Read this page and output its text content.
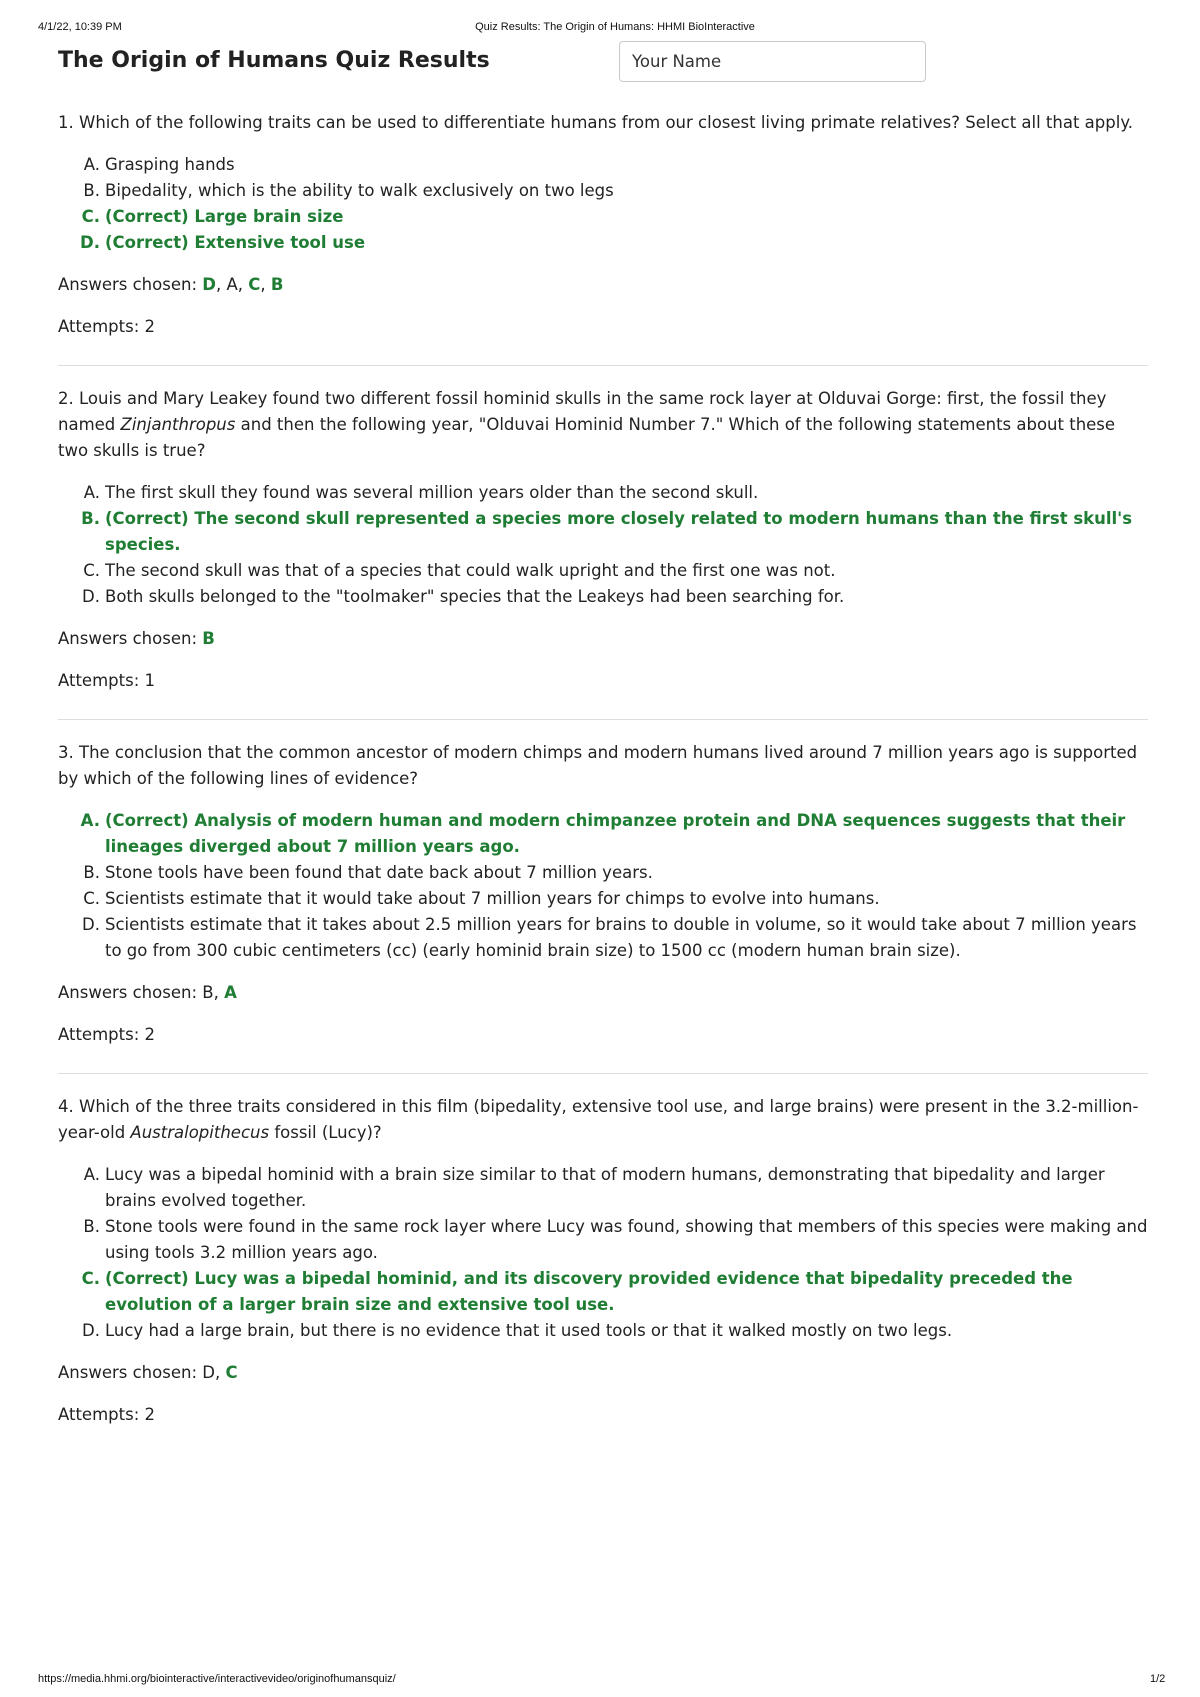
4/1/22, 10:39 PM	Quiz Results: The Origin of Humans: HHMI BioInteractive
The Origin of Humans Quiz Results
Your Name

1. Which of the following traits can be used to differentiate humans from our closest living primate relatives? Select all that apply.

A. Grasping hands
B. Bipedality, which is the ability to walk exclusively on two legs
C. (Correct) Large brain size
D. (Correct) Extensive tool use

Answers chosen: D, A, C, B

Attempts: 2

2. Louis and Mary Leakey found two different fossil hominid skulls in the same rock layer at Olduvai Gorge: first, the fossil they named Zinjanthropus and then the following year, "Olduvai Hominid Number 7." Which of the following statements about these two skulls is true?

A. The first skull they found was several million years older than the second skull.
B. (Correct) The second skull represented a species more closely related to modern humans than the first skull's species.
C. The second skull was that of a species that could walk upright and the first one was not.
D. Both skulls belonged to the "toolmaker" species that the Leakeys had been searching for.

Answers chosen: B

Attempts: 1

3. The conclusion that the common ancestor of modern chimps and modern humans lived around 7 million years ago is supported by which of the following lines of evidence?

A. (Correct) Analysis of modern human and modern chimpanzee protein and DNA sequences suggests that their lineages diverged about 7 million years ago.
B. Stone tools have been found that date back about 7 million years.
C. Scientists estimate that it would take about 7 million years for chimps to evolve into humans.
D. Scientists estimate that it takes about 2.5 million years for brains to double in volume, so it would take about 7 million years to go from 300 cubic centimeters (cc) (early hominid brain size) to 1500 cc (modern human brain size).

Answers chosen: B, A

Attempts: 2

4. Which of the three traits considered in this film (bipedality, extensive tool use, and large brains) were present in the 3.2-million-year-old Australopithecus fossil (Lucy)?

A. Lucy was a bipedal hominid with a brain size similar to that of modern humans, demonstrating that bipedality and larger brains evolved together.
B. Stone tools were found in the same rock layer where Lucy was found, showing that members of this species were making and using tools 3.2 million years ago.
C. (Correct) Lucy was a bipedal hominid, and its discovery provided evidence that bipedality preceded the evolution of a larger brain size and extensive tool use.
D. Lucy had a large brain, but there is no evidence that it used tools or that it walked mostly on two legs.

Answers chosen: D, C

Attempts: 2

https://media.hhmi.org/biointeractive/interactivevideo/originofhumansquiz/	1/2
